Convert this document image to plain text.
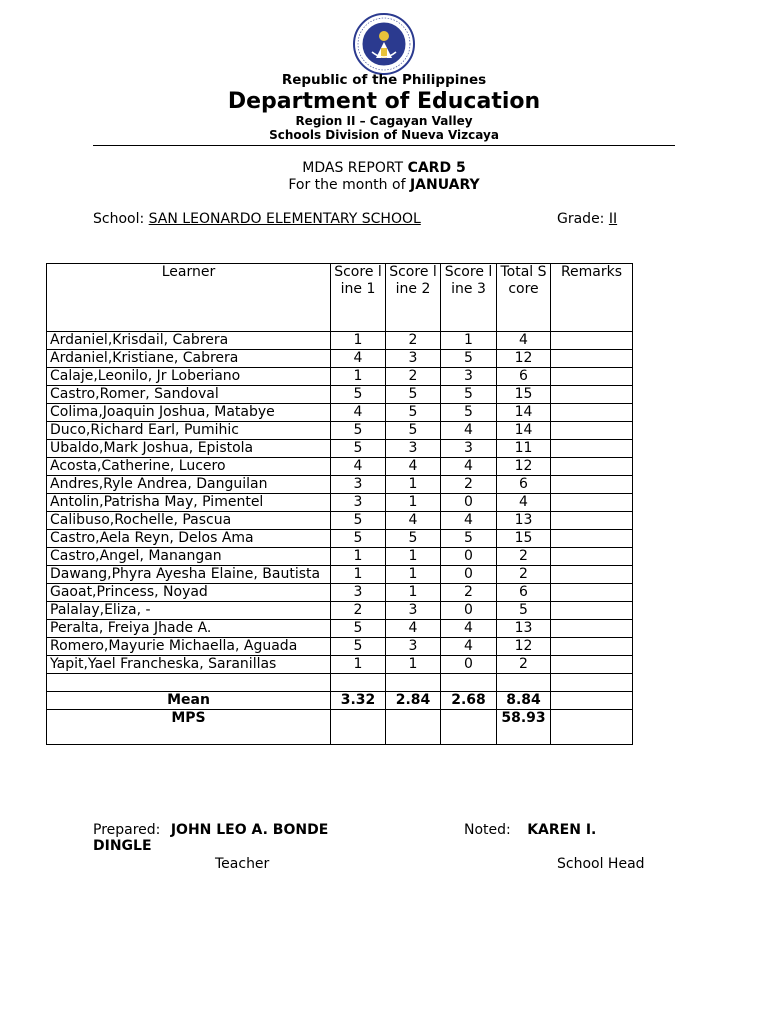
Republic of the Philippines
Department of Education
Region II – Cagayan Valley
Schools Division of Nueva Vizcaya
MDAS REPORT CARD 5
For the month of JANUARY
School: SAN LEONARDO ELEMENTARY SCHOOL	Grade: II
Learner	Score line 1	Score line 2	Score line 3	Total Score	Remarks
Ardaniel,Krisdail, Cabrera	1	2	1	4	
Ardaniel,Kristiane, Cabrera	4	3	5	12	
Calaje,Leonilo, Jr Loberiano	1	2	3	6	
Castro,Romer, Sandoval	5	5	5	15	
Colima,Joaquin Joshua, Matabye	4	5	5	14	
Duco,Richard Earl, Pumihic	5	5	4	14	
Ubaldo,Mark Joshua, Epistola	5	3	3	11	
Acosta,Catherine, Lucero	4	4	4	12	
Andres,Ryle Andrea, Danguilan	3	1	2	6	
Antolin,Patrisha May, Pimentel	3	1	0	4	
Calibuso,Rochelle, Pascua	5	4	4	13	
Castro,Aela Reyn, Delos Ama	5	5	5	15	
Castro,Angel, Manangan	1	1	0	2	
Dawang,Phyra Ayesha Elaine, Bautista	1	1	0	2	
Gaoat,Princess, Noyad	3	1	2	6	
Palalay,Eliza, -	2	3	0	5	
Peralta, Freiya Jhade A.	5	4	4	13	
Romero,Mayurie Michaella, Aguada	5	3	4	12	
Yapit,Yael Francheska, Saranillas	1	1	0	2	

Mean	3.32	2.84	2.68	8.84	
MPS				58.93	
Prepared: JOHN LEO A. BONDE	Noted: KAREN I.
DINGLE
Teacher	School Head
